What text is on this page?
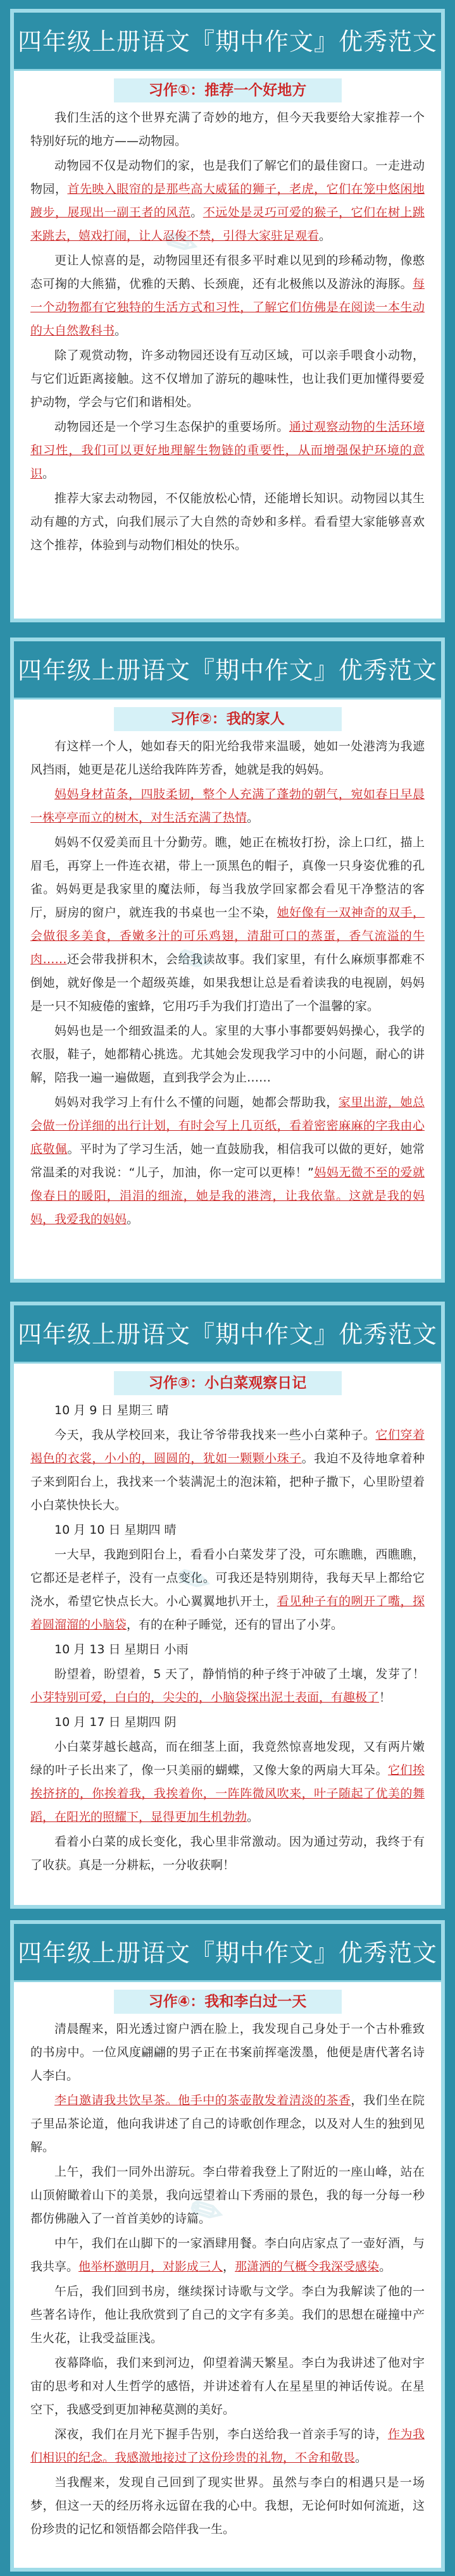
四年级上册语文『期中作文』优秀范文
习作①：推荐一个好地方

我们生活的这个世界充满了奇妙的地方，但今天我要给大家推荐一个特别好玩的地方——动物园。

动物园不仅是动物们的家，也是我们了解它们的最佳窗口。一走进动物园，首先映入眼帘的是那些高大威猛的狮子，老虎，它们在笼中悠闲地踱步，展现出一副王者的风范。不远处是灵巧可爱的猴子，它们在树上跳来跳去，嬉戏打闹，让人忍俊不禁，引得大家驻足观看。

更让人惊喜的是，动物园里还有很多平时难以见到的珍稀动物，像憨态可掬的大熊猫，优雅的天鹅、长颈鹿，还有北极熊以及游泳的海豚。每一个动物都有它独特的生活方式和习性，了解它们仿佛是在阅读一本生动的大自然教科书。

除了观赏动物，许多动物园还设有互动区域，可以亲手喂食小动物，与它们近距离接触。这不仅增加了游玩的趣味性，也让我们更加懂得要爱护动物，学会与它们和谐相处。

动物园还是一个学习生态保护的重要场所。通过观察动物的生活环境和习性，我们可以更好地理解生物链的重要性，从而增强保护环境的意识。

推荐大家去动物园，不仅能放松心情，还能增长知识。动物园以其生动有趣的方式，向我们展示了大自然的奇妙和多样。看看望大家能够喜欢这个推荐，体验到与动物们相处的快乐。

✎
四年级上册语文『期中作文』优秀范文
习作②：我的家人

有这样一个人，她如春天的阳光给我带来温暖，她如一处港湾为我遮风挡雨，她更是花儿送给我阵阵芳香，她就是我的妈妈。

妈妈身材苗条，四肢柔韧，整个人充满了蓬勃的朝气，宛如春日早晨一株亭亭而立的树木，对生活充满了热情。

妈妈不仅爱美而且十分勤劳。瞧，她正在梳妆打扮，涂上口红，描上眉毛，再穿上一件连衣裙，带上一顶黑色的帽子，真像一只身姿优雅的孔雀。妈妈更是我家里的魔法师，每当我放学回家都会看见干净整洁的客厅，厨房的窗户，就连我的书桌也一尘不染，她好像有一双神奇的双手，会做很多美食，香嫩多汁的可乐鸡翅，清甜可口的蒸蛋，香气流溢的牛肉……还会带我拼积木，会给我读故事。我们家里，有什么麻烦事都难不倒她，就好像是一个超级英雄，如果我想让总是看着读我的电视剧，妈妈是一只不知疲倦的蜜蜂，它用巧手为我们打造出了一个温馨的家。

妈妈也是一个细致温柔的人。家里的大事小事都要妈妈操心，我学的衣服，鞋子，她都精心挑选。尤其她会发现我学习中的小问题，耐心的讲解，陪我一遍一遍做题，直到我学会为止……

妈妈对我学习上有什么不懂的问题，她都会帮助我，家里出游，她总会做一份详细的出行计划，有时会写上几页纸，看着密密麻麻的字我由心底敬佩。平时为了学习生活，她一直鼓励我，相信我可以做的更好，她常常温柔的对我说：“儿子，加油，你一定可以更棒！”妈妈无微不至的爱就像春日的暖阳，涓涓的细流，她是我的港湾，让我依靠。这就是我的妈妈，我爱我的妈妈。

✎
四年级上册语文『期中作文』优秀范文
习作③：小白菜观察日记

10 月 9 日 星期三 晴

今天，我从学校回来，我让爷爷带我找来一些小白菜种子。它们穿着褐色的衣裳，小小的，圆圆的，犹如一颗颗小珠子。我迫不及待地拿着种子来到阳台上，我找来一个装满泥土的泡沫箱，把种子撒下，心里盼望着小白菜快快长大。

10 月 10 日 星期四 晴

一大早，我跑到阳台上，看看小白菜发芽了没，可东瞧瞧，西瞧瞧，它都还是老样子，没有一点变化。可我还是特别期待，我每天早上都给它浇水，希望它快点长大。小心翼翼地扒开土，看见种子有的咧开了嘴，探着圆溜溜的小脑袋，有的在种子睡觉，还有的冒出了小芽。

10 月 13 日 星期日 小雨

盼望着，盼望着，5 天了，静悄悄的种子终于冲破了土壤，发芽了！小芽特别可爱，白白的，尖尖的，小脑袋探出泥土表面，有趣极了！

10 月 17 日 星期四 阴

小白菜芽越长越高，而在细茎上面，我竟然惊喜地发现，又有两片嫩绿的叶子长出来了，像一只美丽的蝴蝶，又像大象的两扇大耳朵。它们挨挨挤挤的，你挨着我，我挨着你，一阵阵微风吹来，叶子随起了优美的舞蹈，在阳光的照耀下，显得更加生机勃勃。

看着小白菜的成长变化，我心里非常激动。因为通过劳动，我终于有了收获。真是一分耕耘，一分收获啊！

✎
四年级上册语文『期中作文』优秀范文
习作④：我和李白过一天

清晨醒来，阳光透过窗户洒在脸上，我发现自己身处于一个古朴雅致的书房中。一位风度翩翩的男子正在书案前挥毫泼墨，他便是唐代著名诗人李白。

李白邀请我共饮早茶。他手中的茶壶散发着清淡的茶香，我们坐在院子里品茶论道，他向我讲述了自己的诗歌创作理念，以及对人生的独到见解。

上午，我们一同外出游玩。李白带着我登上了附近的一座山峰，站在山顶俯瞰着山下的美景，我向远望着山下秀丽的景色，我的每一分每一秒都仿佛融入了一首首美妙的诗篇。

中午，我们在山脚下的一家酒肆用餐。李白向店家点了一壶好酒，与我共享。他举杯邀明月，对影成三人，那潇洒的气概令我深受感染。

午后，我们回到书房，继续探讨诗歌与文学。李白为我解读了他的一些著名诗作，他让我欣赏到了自己的文字有多美。我们的思想在碰撞中产生火花，让我受益匪浅。

夜幕降临，我们来到河边，仰望着满天繁星。李白为我讲述了他对宇宙的思考和对人生哲学的感悟，并讲述着有人在星星里的神话传说。在星空下，我感受到更加神秘莫测的美好。

深夜，我们在月光下握手告别，李白送给我一首亲手写的诗，作为我们相识的纪念。我感激地接过了这份珍贵的礼物，不舍和敬畏。

当我醒来，发现自己回到了现实世界。虽然与李白的相遇只是一场梦，但这一天的经历将永远留在我的心中。我想，无论何时如何流逝，这份珍贵的记忆和领悟都会陪伴我一生。

✎
